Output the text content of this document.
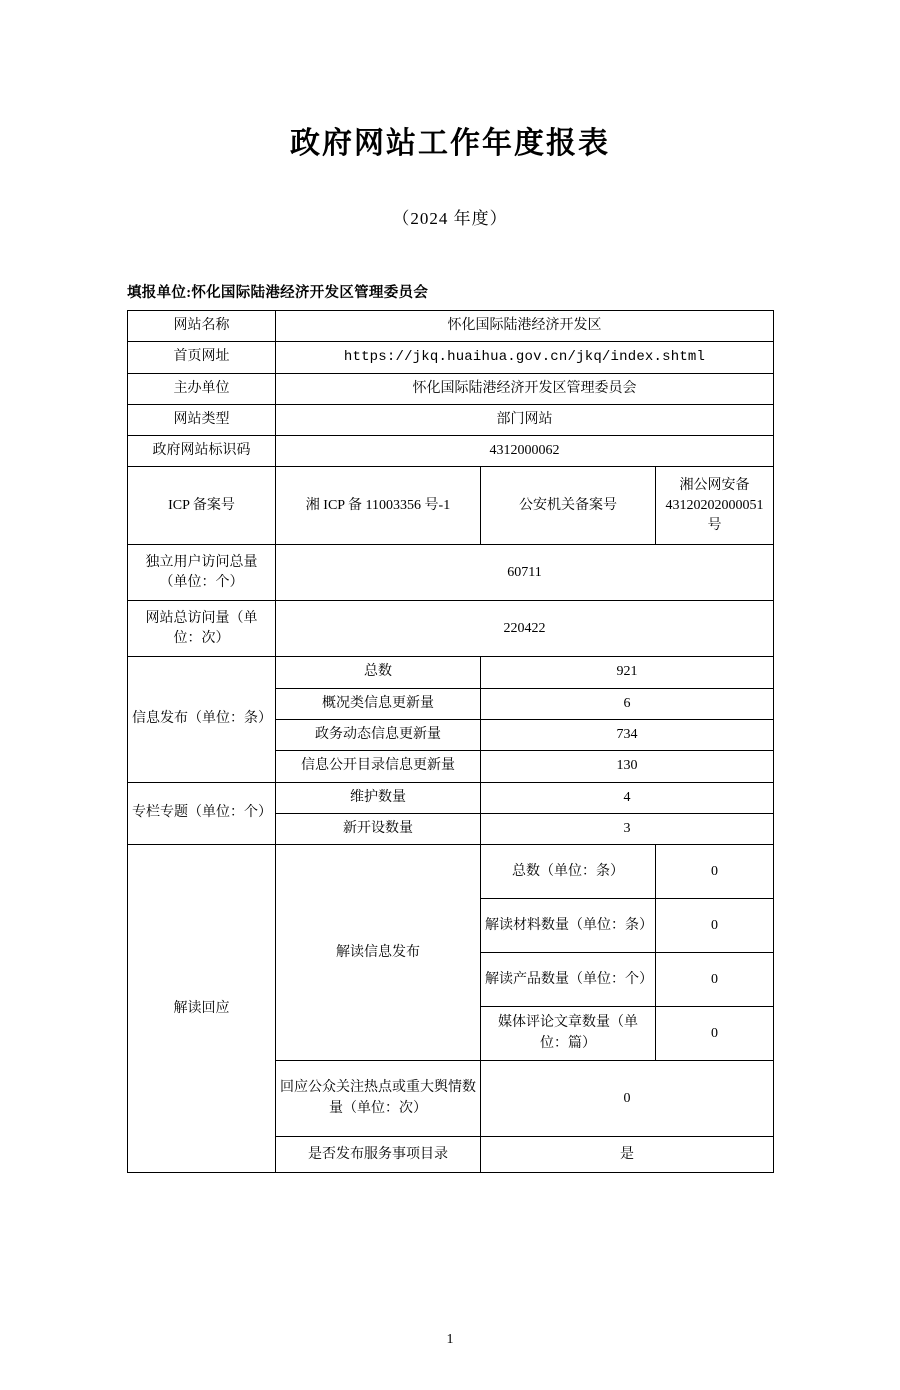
政府网站工作年度报表
（2024 年度）
填报单位:怀化国际陆港经济开发区管理委员会
网站名称	怀化国际陆港经济开发区		
首页网址	https://jkq.huaihua.gov.cn/jkq/index.shtml		
主办单位	怀化国际陆港经济开发区管理委员会		
网站类型	部门网站		
政府网站标识码	4312000062		
ICP 备案号	湘 ICP 备 11003356 号-1	公安机关备案号	湘公网安备 43120202000051 号
独立用户访问总量（单位：个）	60711		
网站总访问量（单位：次）	220422		
信息发布（单位：条）	总数	921	
	概况类信息更新量	6	
	政务动态信息更新量	734	
	信息公开目录信息更新量	130	
专栏专题（单位：个）	维护数量	4	
	新开设数量	3	
解读回应	解读信息发布	总数（单位：条）	0
		解读材料数量（单位：条）	0
		解读产品数量（单位：个）	0
		媒体评论文章数量（单位：篇）	0
	回应公众关注热点或重大舆情数量（单位：次）	0	
	是否发布服务事项目录	是	
1
